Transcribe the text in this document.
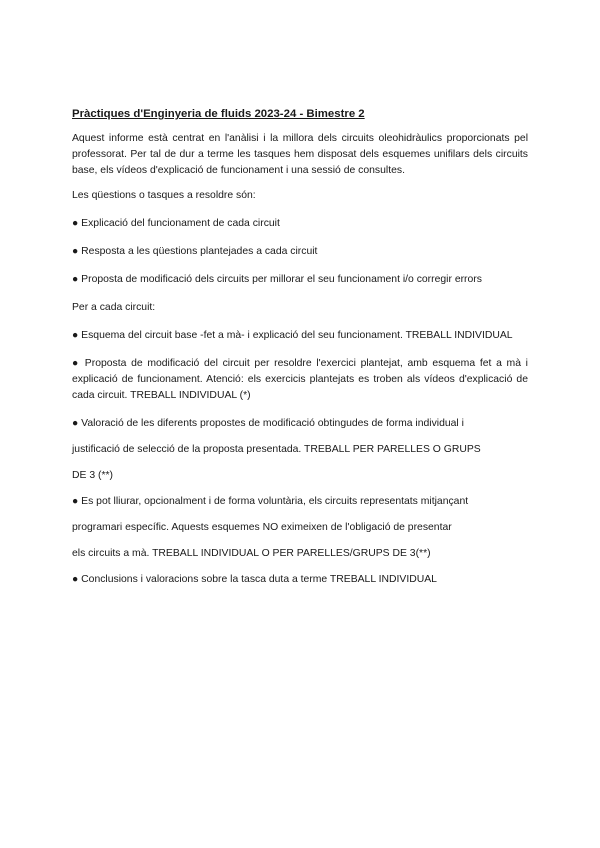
Pràctiques d'Enginyeria de fluids 2023-24 - Bimestre 2

Aquest informe està centrat en l'anàlisi i la millora dels circuits oleohidràulics proporcionats pel professorat. Per tal de dur a terme les tasques hem disposat dels esquemes unifilars dels circuits base, els vídeos d'explicació de funcionament i una sessió de consultes.

Les qüestions o tasques a resoldre són:

● Explicació del funcionament de cada circuit

● Resposta a les qüestions plantejades a cada circuit

● Proposta de modificació dels circuits per millorar el seu funcionament i/o corregir errors

Per a cada circuit:

● Esquema del circuit base -fet a mà- i explicació del seu funcionament. TREBALL INDIVIDUAL

● Proposta de modificació del circuit per resoldre l'exercici plantejat, amb esquema fet a mà i explicació de funcionament. Atenció: els exercicis plantejats es troben als vídeos d'explicació de cada circuit. TREBALL INDIVIDUAL (*)

● Valoració de les diferents propostes de modificació obtingudes de forma individual i

justificació de selecció de la proposta presentada. TREBALL PER PARELLES O GRUPS

DE 3 (**)

● Es pot lliurar, opcionalment i de forma voluntària, els circuits representats mitjançant

programari específic. Aquests esquemes NO eximeixen de l'obligació de presentar

els circuits a mà. TREBALL INDIVIDUAL O PER PARELLES/GRUPS DE 3(**)

● Conclusions i valoracions sobre la tasca duta a terme TREBALL INDIVIDUAL
